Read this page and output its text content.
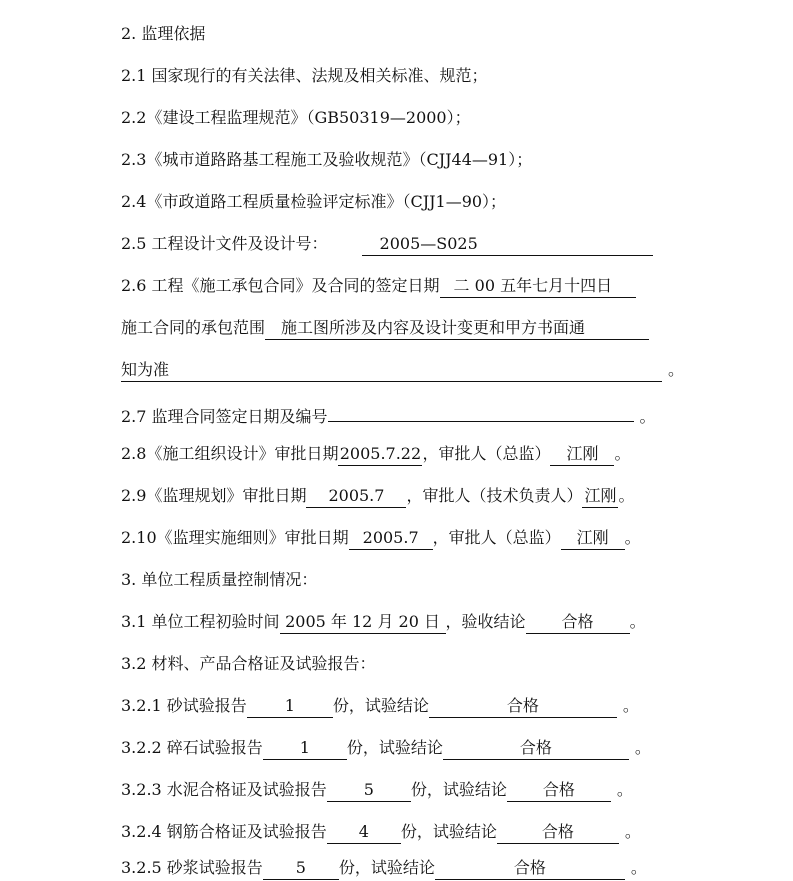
2. 监理依据
2.1 国家现行的有关法律、法规及相关标准、规范；
2.2《建设工程监理规范》（GB50319—2000）；
2.3《城市道路路基工程施工及验收规范》（CJJ44—91）；
2.4《市政道路工程质量检验评定标准》（CJJ1—90）；
2.5 工程设计文件及设计号：	2005—S025
2.6 工程《施工承包合同》及合同的签定日期 二 00 五年七月十四日
施工合同的承包范围 施工图所涉及内容及设计变更和甲方书面通
知为准	。
2.7 监理合同签定日期及编号	。
2.8《施工组织设计》审批日期2005.7.22，审批人（总监） 江刚 。
2.9《监理规划》审批日期 2005.7 ，审批人（技术负责人） 江刚 。
2.10《监理实施细则》审批日期 2005.7 ，审批人（总监） 江刚 。
3. 单位工程质量控制情况：
3.1 单位工程初验时间 2005 年 12 月 20 日 ，验收结论 合格 。
3.2 材料、产品合格证及试验报告：
3.2.1 砂试验报告 1 份，试验结论	合格	。
3.2.2 碎石试验报告 1 份，试验结论	合格	。
3.2.3 水泥合格证及试验报告 5 份，试验结论 合格	。
3.2.4 钢筋合格证及试验报告 4 份，试验结论	合格	。
3.2.5 砂浆试验报告 5 份，试验结论	合格	。
